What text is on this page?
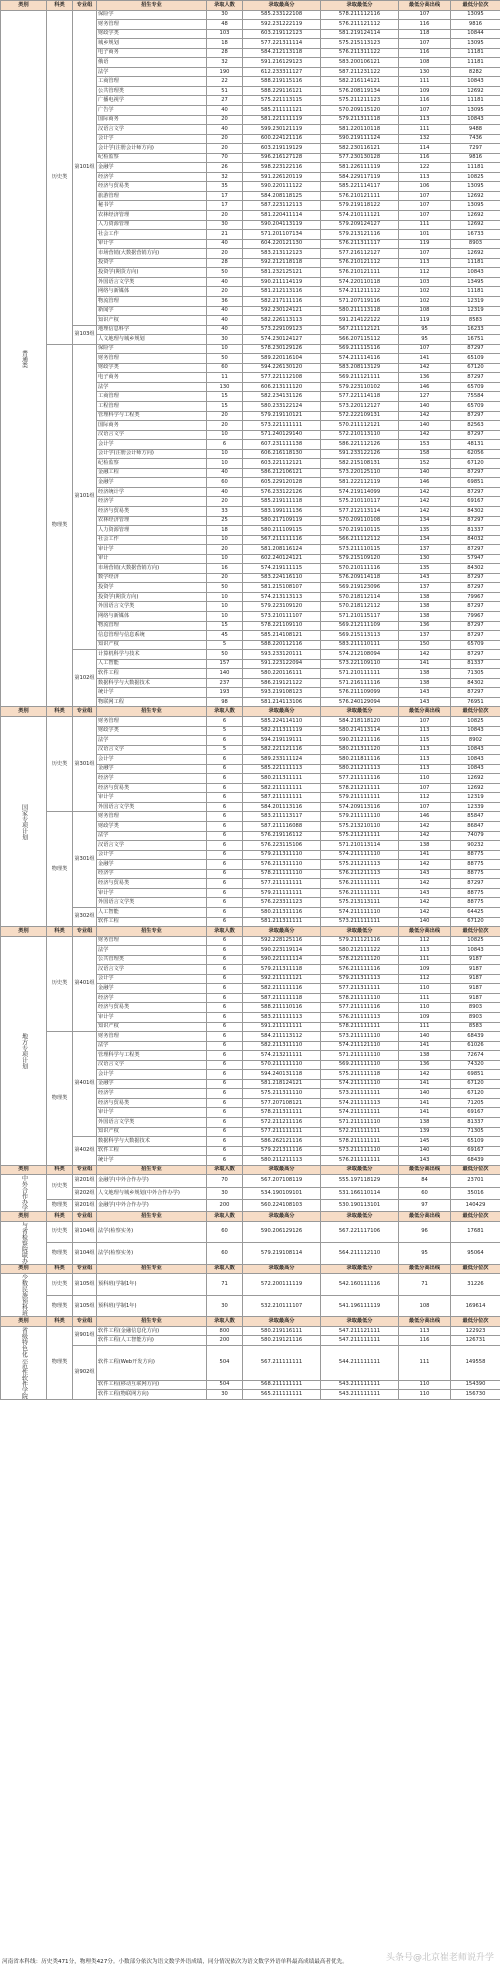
类别	科类	专业组	招生专业	录取人数	录取最高分	录取最低分	最低分高出线	最低分位次
普通类	历史类	第101组	保险学	30	585.233122108	578.211112116	107	13095
			财务管理	48	592.231222119	576.211121112	116	9816
			财政学类	103	603.219112123	581.219124114	118	10844
			城乡规划	18	577.221311114	575.215113123	107	13095
			电子商务	28	584.212113118	576.211311122	116	11181
			俄语	32	591.216129123	583.200106121	108	11181
			法学	190	612.233311127	587.211231122	130	8282
			工商管理	22	588.219115116	582.216114121	111	10843
			公共管理类	51	588.229116121	576.208119134	109	12692
			广播电视学	27	575.221113115	575.211211123	116	11181
			广告学	40	585.211111121	570.209115120	107	13095
			国际商务	20	581.221111119	579.211311118	113	10843
			汉语言文学	40	599.230121119	581.220110118	111	9488
			会计学	20	600.224121116	590.219111124	132	7436
			会计学(注册会计师方向)	20	603.219119129	582.230116121	114	7297
			纪检监察	70	596.216127128	577.230130128	116	9816
			金融学	26	598.223122116	581.226111119	122	11181
			经济学	32	591.226120119	584.229117119	113	10825
			经济与贸易类	35	590.220111122	585.221114117	106	13095
			旅游管理	17	584.208118125	576.210121111	107	12692
			秘书学	17	587.223112113	579.219118122	107	13095
			农林经济管理	20	581.220411114	574.210111121	107	12692
			人力资源管理	30	590.204113119	579.209124127	111	12692
			社会工作	21	571.201107134	579.213121116	101	16733
			审计学	40	604.220121130	576.211311117	119	8903
			市场营销(大数据营销方向)	20	583.213112123	577.216112127	107	12692
			投资学	28	592.212118118	576.210121112	113	11181
			投资学(期货方向)	50	581.232125121	576.210121111	112	10843
			外国语言文学类	40	590.211114119	574.220110118	103	13495
			网络与新媒体	20	581.212113116	574.211211112	102	11181
			物流管理	36	582.217111116	571.207119116	102	12319
			新闻学	40	592.230124121	580.211113118	108	12319
			知识产权	40	582.226113113	591.214122122	119	8583
		第103组	地理信息科学	40	573.229109123	567.211112121	95	16233
			人文地理与城乡规划	30	574.230124127	566.207115112	95	16751
	物理类	第101组	保险学	10	578.230129126	569.211115116	107	87297
			财务管理	50	589.220116104	574.211114116	141	65109
			财政学类	60	594.226130120	583.208113129	142	67120
			电子商务	11	577.221112108	569.211121111	136	87297
			法学	130	606.213111120	579.223110102	146	65709
			工商管理	15	582.234131126	577.221114118	127	75584
			工程管理	15	580.233122124	573.220112127	140	65709
			管理科学与工程类	20	579.219110121	572.222109131	142	87297
			国际商务	20	573.221111111	570.211112121	140	82563
			汉语言文学	10	571.240129140	572.210113110	142	87297
			会计学	6	607.231111138	586.221112126	153	48131
			会计学(注册会计师方向)	10	606.216118130	591.233122126	158	62056
			纪检监察	10	603.221112121	582.215108131	152	67120
			金融工程	40	586.212106121	573.220125110	140	87297
			金融学	60	605.229120128	581.222112119	146	69851
			经济统计学	40	576.233122126	574.219114099	142	87297
			经济学	20	585.219111118	575.210110117	142	69167
			经济与贸易类	33	583.199111136	577.212113114	142	84302
			农林经济管理	25	580.217109119	570.209110108	134	87297
			人力资源管理	18	580.211109115	570.219110115	135	81337
			社会工作	10	567.211111116	566.211112112	134	84032
			审计学	20	581.208116124	573.211110115	137	87297
			审计	10	602.240124121	579.215109120	130	57947
			市场营销(大数据营销方向)	16	574.219111115	570.210111116	135	84302
			数学经济	20	583.224116110	576.209114118	143	87297
			投资学	50	581.215108107	569.219123096	137	87297
			投资学(期货方向)	10	574.213113113	570.218112114	138	79967
			外国语言文学类	10	579.223109120	570.218112112	138	87297
			网络与新媒体	10	573.210111107	571.210115117	138	79967
			物流管理	15	578.221109110	569.212111109	136	87297
			信息管理与信息系统	45	585.214108121	569.215113113	137	87297
			知识产权	5	588.220112116	583.211110111	150	65709
		第102组	计算机科学与技术	50	593.233120111	574.212108094	142	87297
			人工智能	157	591.223122094	573.221109110	141	81337
			软件工程	140	580.220116111	571.210111111	138	71305
			数据科学与大数据技术	237	586.219121122	571.216111116	138	84302
			统计学	193	593.219108123	576.211109099	143	87297
			物联网工程	98	581.214113106	576.240129094	143	76951
类别	科类	专业组	招生专业	录取人数	录取最高分	录取最低分	最低分高出线	最低分位次
国家专项计划	历史类	第301组	财务管理	6	585.224114110	584.218118120	107	10825
			财政学类	5	582.211311119	580.214113114	113	10843
			法学	6	594.219119111	590.211211116	115	8902
			汉语言文学	5	582.221121116	580.211311120	113	10843
			会计学	6	589.233111124	580.211811116	113	10843
			金融学	6	585.221111113	580.211211113	113	10843
			经济学	6	580.211311111	577.211111116	110	12692
			经济与贸易类	6	582.211111111	578.211211111	107	12692
			审计学	6	587.211111111	579.211111111	112	12319
			外国语言文学类	6	584.201113116	574.209113116	107	12339
	物理类	第301组	财务管理	6	583.211113117	579.211111110	146	85847
			财政学类	6	587.211116088	575.213210110	142	86847
			法学	6	576.219116112	575.211211111	142	74079
			汉语言文学	6	576.223115106	571.210113114	138	90232
			会计学	6	579.211311110	574.211111110	141	88775
			金融学	6	576.211311110	575.211211113	142	88775
			经济学	6	578.211111110	576.211211113	143	88775
			经济与贸易类	6	577.211111111	576.211111111	142	87297
			审计学	6	579.211111111	576.211111111	143	88775
			外国语言文学类	6	576.223311123	575.213113111	142	88775
		第302组	人工智能	6	580.211311116	574.211111110	142	64425
			软件工程	6	581.211311111	573.211111111	140	67120
类别	科类	专业组	招生专业	录取人数	录取最高分	录取最低分	最低分高出线	最低分位次
地方专项计划	历史类	第401组	财务管理	6	592.228125116	579.211121116	112	10825
			法学	6	590.223119114	580.212111122	113	10843
			公共管理类	6	590.221111114	578.212111120	111	9187
			汉语言文学	6	579.211311118	576.211111116	109	9187
			会计学	6	592.211111121	579.211311113	112	9187
			金融学	6	582.211111116	577.211311111	110	9187
			经济学	6	587.211111118	578.211111110	111	9187
			经济与贸易类	6	588.211110116	577.211111116	110	8903
			审计学	6	583.211111113	576.211111113	109	8903
			知识产权	6	591.211111111	578.211111111	111	8583
	物理类	第401组	财务管理	6	584.211113112	573.211111110	140	68439
			法学	6	582.211311110	574.211121110	141	61026
			管理科学与工程类	6	574.213211111	571.211111110	138	72674
			汉语言文学	6	570.211111110	569.211111110	136	74320
			会计学	6	594.240131118	575.211111118	142	69851
			金融学	6	581.218124121	574.211111110	141	67120
			经济学	6	575.211311110	573.211111111	140	67120
			经济与贸易类	6	577.207108121	574.211111113	141	71205
			审计学	6	578.211311111	574.211111111	141	69167
			外国语言文学类	6	572.211211116	571.211111110	138	81337
			知识产权	6	577.211111111	572.211111111	139	71305
		第402组	数据科学与大数据技术	6	586.262121116	578.211111111	145	65109
			软件工程	6	579.221311116	573.211111110	140	69167
			统计学	6	580.211211113	576.211111111	143	68439
类别	科类	专业组	招生专业	录取人数	录取最高分	录取最低分	最低分高出线	最低分位次
中外合作办学	历史类	第201组	金融学(中外合作办学)	70	567.207108119	555.197118129	84	23701
		第202组	人文地理与城乡规划(中外合作办学)	30	534.190109101	531.166110114	60	35016
	物理类	第201组	金融学(中外合作办学)	200	560.224108103	530.190113101	97	140429
类别	科类	专业组	招生专业	录取人数	录取最高分	录取最低分	最低分高出线	最低分位次
与省检察院联办	历史类	第104组	法学(检察实务)	60	590.206129126	567.221117106	96	17681
	物理类	第104组	法学(检察实务)	60	579.219108114	564.211112110	95	95064
类别	科类	专业组	招生专业	录取人数	录取最高分	录取最低分	最低分高出线	最低分位次
少数民族预科班	历史类	第105组	预科班(学制1年)	71	572.200111119	542.160111116	71	31226
	物理类	第105组	预科班(学制1年)	30	532.210111107	541.196111119	108	169614
类别	科类	专业组	招生专业	录取人数	录取最高分	录取最低分	最低分高出线	最低分位次
省级特色化示范性软件学院	物理类	第901组	软件工程(金融信息化方向)	800	580.219116111	547.211121111	113	122923
			软件工程(人工智能方向)	200	580.219121116	547.211111111	116	126731
		第902组	软件工程(Web开发方向)	504	567.211111111	544.211111111	111	149558
			软件工程(移动互联网方向)	504	568.211111111	543.211111111	110	154390
			软件工程(物联网方向)	30	565.211111111	543.211111111	110	156730
河南省本科线：历史类471分，物理类427分。小数部分依次为语文数学外语成绩，同分情况依次为语文数学外语单科最高成绩最高者优先。	头条号@北京崔老师说升学
